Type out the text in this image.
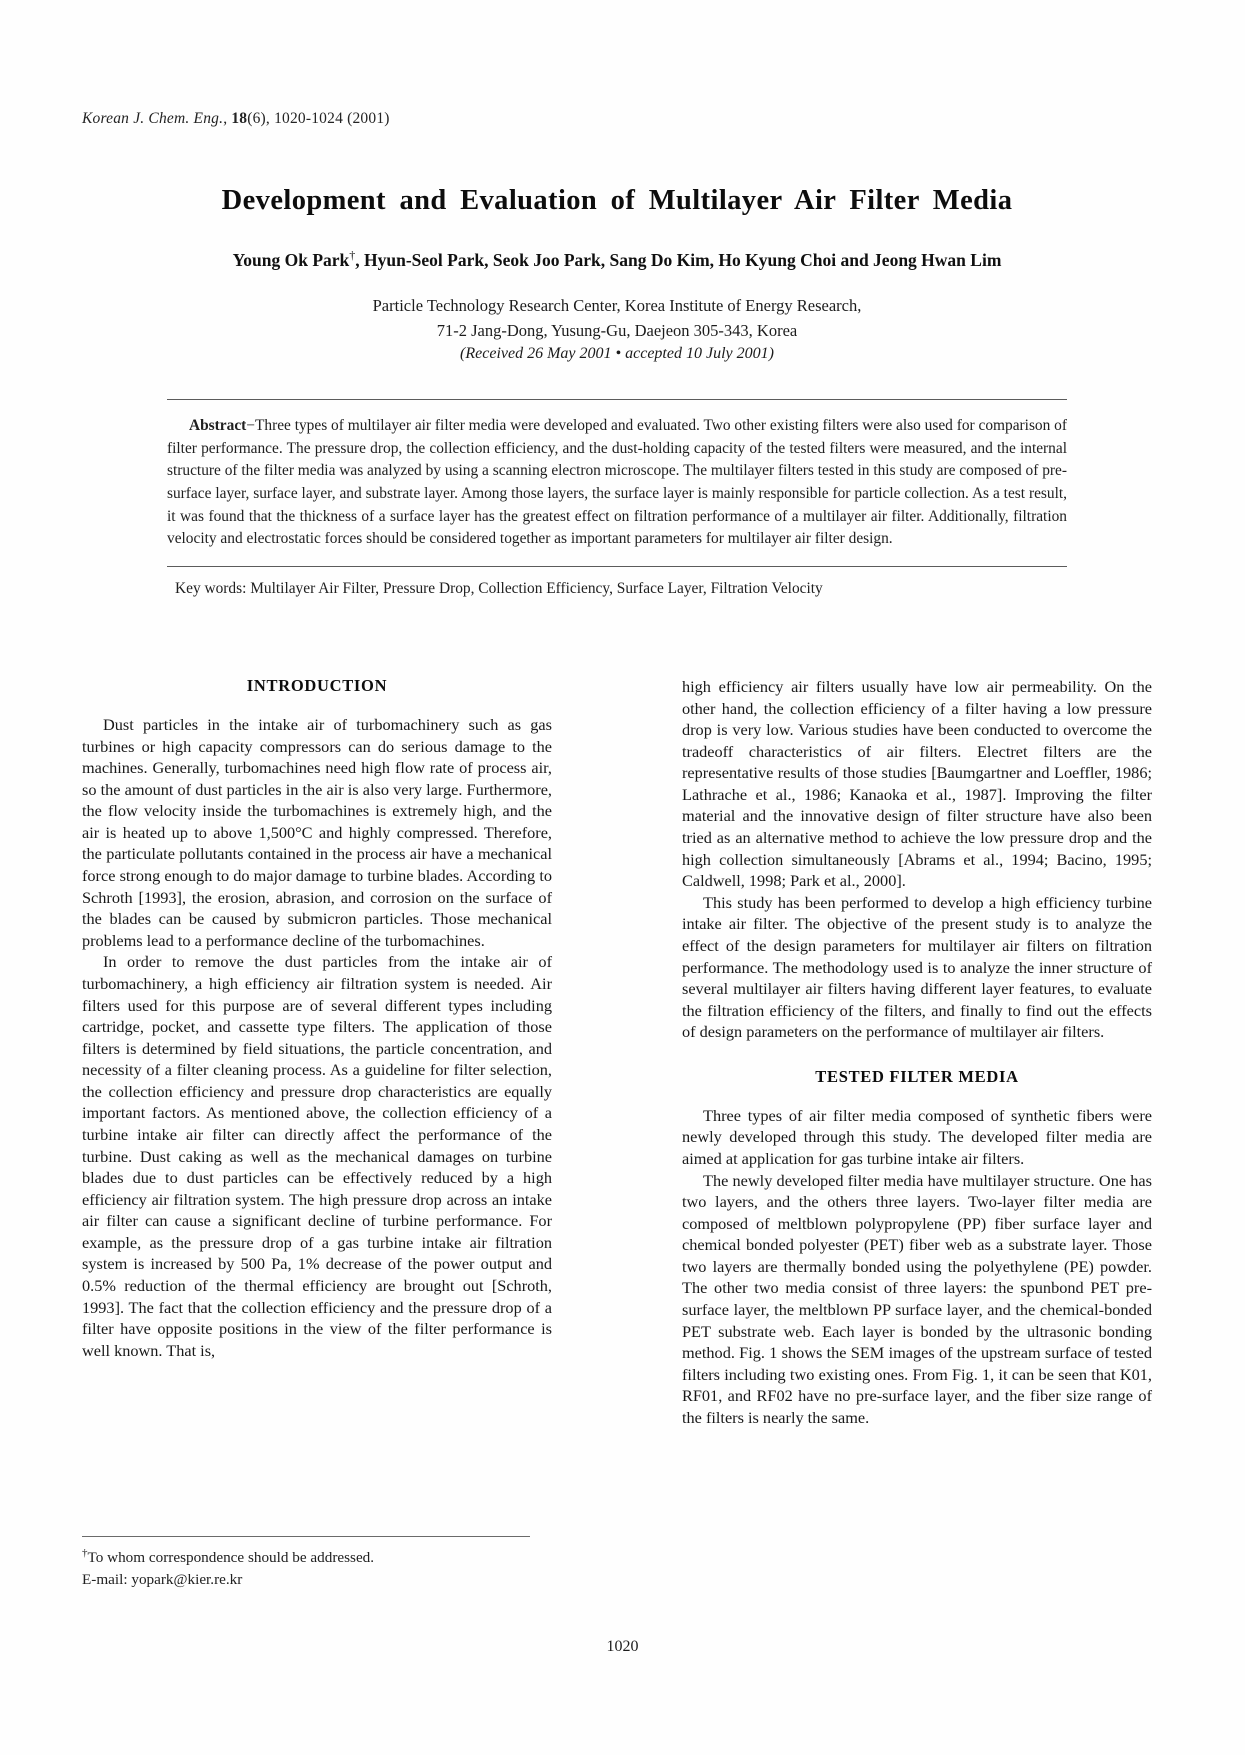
Korean J. Chem. Eng., 18(6), 1020-1024 (2001)
Development and Evaluation of Multilayer Air Filter Media
Young Ok Park†, Hyun-Seol Park, Seok Joo Park, Sang Do Kim, Ho Kyung Choi and Jeong Hwan Lim
Particle Technology Research Center, Korea Institute of Energy Research,
71-2 Jang-Dong, Yusung-Gu, Daejeon 305-343, Korea
(Received 26 May 2001 • accepted 10 July 2001)

Abstract−Three types of multilayer air filter media were developed and evaluated. Two other existing filters were also used for comparison of filter performance. The pressure drop, the collection efficiency, and the dust-holding capacity of the tested filters were measured, and the internal structure of the filter media was analyzed by using a scanning electron microscope. The multilayer filters tested in this study are composed of pre-surface layer, surface layer, and substrate layer. Among those layers, the surface layer is mainly responsible for particle collection. As a test result, it was found that the thickness of a surface layer has the greatest effect on filtration performance of a multilayer air filter. Additionally, filtration velocity and electrostatic forces should be considered together as important parameters for multilayer air filter design.

Key words: Multilayer Air Filter, Pressure Drop, Collection Efficiency, Surface Layer, Filtration Velocity

INTRODUCTION

Dust particles in the intake air of turbomachinery such as gas turbines or high capacity compressors can do serious damage to the machines. Generally, turbomachines need high flow rate of process air, so the amount of dust particles in the air is also very large. Furthermore, the flow velocity inside the turbomachines is extremely high, and the air is heated up to above 1,500°C and highly compressed. Therefore, the particulate pollutants contained in the process air have a mechanical force strong enough to do major damage to turbine blades. According to Schroth [1993], the erosion, abrasion, and corrosion on the surface of the blades can be caused by submicron particles. Those mechanical problems lead to a performance decline of the turbomachines.

In order to remove the dust particles from the intake air of turbomachinery, a high efficiency air filtration system is needed. Air filters used for this purpose are of several different types including cartridge, pocket, and cassette type filters. The application of those filters is determined by field situations, the particle concentration, and necessity of a filter cleaning process. As a guideline for filter selection, the collection efficiency and pressure drop characteristics are equally important factors. As mentioned above, the collection efficiency of a turbine intake air filter can directly affect the performance of the turbine. Dust caking as well as the mechanical damages on turbine blades due to dust particles can be effectively reduced by a high efficiency air filtration system. The high pressure drop across an intake air filter can cause a significant decline of turbine performance. For example, as the pressure drop of a gas turbine intake air filtration system is increased by 500 Pa, 1% decrease of the power output and 0.5% reduction of the thermal efficiency are brought out [Schroth, 1993]. The fact that the collection efficiency and the pressure drop of a filter have opposite positions in the view of the filter performance is well known. That is,

high efficiency air filters usually have low air permeability. On the other hand, the collection efficiency of a filter having a low pressure drop is very low. Various studies have been conducted to overcome the tradeoff characteristics of air filters. Electret filters are the representative results of those studies [Baumgartner and Loeffler, 1986; Lathrache et al., 1986; Kanaoka et al., 1987]. Improving the filter material and the innovative design of filter structure have also been tried as an alternative method to achieve the low pressure drop and the high collection simultaneously [Abrams et al., 1994; Bacino, 1995; Caldwell, 1998; Park et al., 2000].

This study has been performed to develop a high efficiency turbine intake air filter. The objective of the present study is to analyze the effect of the design parameters for multilayer air filters on filtration performance. The methodology used is to analyze the inner structure of several multilayer air filters having different layer features, to evaluate the filtration efficiency of the filters, and finally to find out the effects of design parameters on the performance of multilayer air filters.

TESTED FILTER MEDIA

Three types of air filter media composed of synthetic fibers were newly developed through this study. The developed filter media are aimed at application for gas turbine intake air filters.

The newly developed filter media have multilayer structure. One has two layers, and the others three layers. Two-layer filter media are composed of meltblown polypropylene (PP) fiber surface layer and chemical bonded polyester (PET) fiber web as a substrate layer. Those two layers are thermally bonded using the polyethylene (PE) powder. The other two media consist of three layers: the spunbond PET pre-surface layer, the meltblown PP surface layer, and the chemical-bonded PET substrate web. Each layer is bonded by the ultrasonic bonding method. Fig. 1 shows the SEM images of the upstream surface of tested filters including two existing ones. From Fig. 1, it can be seen that K01, RF01, and RF02 have no pre-surface layer, and the fiber size range of the filters is nearly the same.

†To whom correspondence should be addressed.

E-mail: yopark@kier.re.kr

1020
